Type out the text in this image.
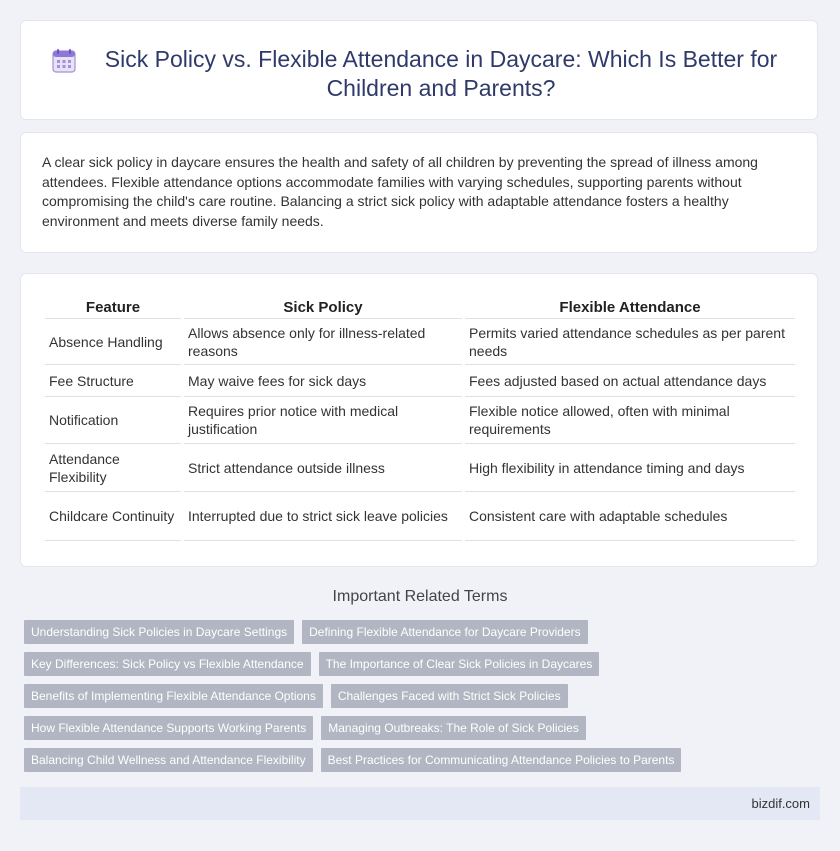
Sick Policy vs. Flexible Attendance in Daycare: Which Is Better for Children and Parents?

A clear sick policy in daycare ensures the health and safety of all children by preventing the spread of illness among attendees. Flexible attendance options accommodate families with varying schedules, supporting parents without compromising the child's care routine. Balancing a strict sick policy with adaptable attendance fosters a healthy environment and meets diverse family needs.

Feature	Sick Policy	Flexible Attendance
Absence Handling	Allows absence only for illness-related reasons	Permits varied attendance schedules as per parent needs
Fee Structure	May waive fees for sick days	Fees adjusted based on actual attendance days
Notification	Requires prior notice with medical justification	Flexible notice allowed, often with minimal requirements
Attendance Flexibility	Strict attendance outside illness	High flexibility in attendance timing and days
Childcare Continuity	Interrupted due to strict sick leave policies	Consistent care with adaptable schedules
Important Related Terms
Understanding Sick Policies in Daycare Settings	Defining Flexible Attendance for Daycare Providers
Key Differences: Sick Policy vs Flexible Attendance	The Importance of Clear Sick Policies in Daycares
Benefits of Implementing Flexible Attendance Options	Challenges Faced with Strict Sick Policies
How Flexible Attendance Supports Working Parents	Managing Outbreaks: The Role of Sick Policies
Balancing Child Wellness and Attendance Flexibility	Best Practices for Communicating Attendance Policies to Parents
bizdif.com
